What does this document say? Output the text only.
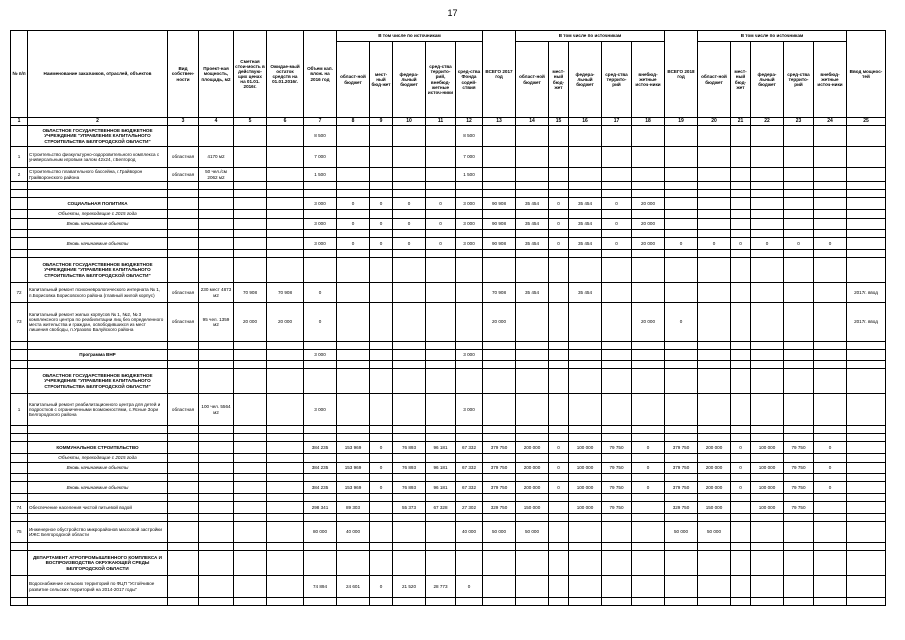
17
№ п/п	Наименование заказчиков, отраслей, объектов	Вид собствен-ности	Проект-ная мощность, площадь, м2	Сметная стои-мость в действую-щих ценах на 01.01. 2016г.	Ожидае-мый остаток средств на 01.01.2016г.	Объем кап. влож. на 2016 год	В том числе по источникам					ВСЕГО 2017 год	В том числе по источникам					ВСЕГО 2018 год	В том числе по источникам					Ввод мощнос-тей
							област-ной бюджет	мест-ный бюд-жет	федера-льный бюджет	сред-ства террито-рий, внебюд-жетные источ-ники	сред-ства Фонда содей-ствия		област-ной бюджет	мест-ный бюд-жет	федера-льный бюджет	сред-ства террито-рий	внебюд-жетные источ-ники		област-ной бюджет	мест-ный бюд-жет	федера-льный бюджет	сред-ства террито-рий	внебюд-жетные источ-ники	
1	2	3	4	5	6	7	8	9	10	11	12	13	14	15	16	17	18	19	20	21	22	23	24	25
	ОБЛАСТНОЕ ГОСУДАРСТВЕННОЕ БЮДЖЕТНОЕ УЧРЕЖДЕНИЕ "УПРАВЛЕНИЕ КАПИТАЛЬНОГО СТРОИТЕЛЬСТВА БЕЛГОРОДСКОЙ ОБЛАСТИ"					8 500					8 500													
1	Строительство физкультурно-оздоровительного комплекса с универсальным игровым залом 42х24, г.Белгород	областная	4170 м2			7 000					7 000													
2	Строительство плавательного бассейна, г.Грайворон Грайворонского района	областная	50 чел./см 2062 м2			1 500					1 500													

	СОЦИАЛЬНАЯ ПОЛИТИКА					3 000	0	0	0	0	3 000	90 908	35 454	0	35 454	0	20 000							
	Объекты, переходящие с 2015 года																							
	Вновь начинаемые объекты					3 000	0	0	0	0	3 000	90 908	35 454	0	35 454	0	20 000							

	Вновь начинаемые объекты					3 000	0	0	0	0	3 000	90 908	35 454	0	35 454	0	20 000	0	0	0	0	0	0	

	ОБЛАСТНОЕ ГОСУДАРСТВЕННОЕ БЮДЖЕТНОЕ УЧРЕЖДЕНИЕ "УПРАВЛЕНИЕ КАПИТАЛЬНОГО СТРОИТЕЛЬСТВА БЕЛГОРОДСКОЙ ОБЛАСТИ"																							
72	Капитальный ремонт психоневрологического интерната № 1, п.Борисовка Борисовского района (главный жилой корпус)	областная	230 мест 4873 м2	70 908	70 908	0						70 908	35 454		35 454									2017г. ввод
73	Капитальный ремонт жилых корпусов № 1, №2, № 3 комплексного центра по реабилитации лиц без определенного места жительства и граждан, освободившихся из мест лишения свободы, п.Уразово Валуйского района	областная	95 чел. 1359 м2	20 000	20 000	0						20 000					20 000	0						2017г. ввод

	Программа ВНР					3 000					3 000													

	ОБЛАСТНОЕ ГОСУДАРСТВЕННОЕ БЮДЖЕТНОЕ УЧРЕЖДЕНИЕ "УПРАВЛЕНИЕ КАПИТАЛЬНОГО СТРОИТЕЛЬСТВА БЕЛГОРОДСКОЙ ОБЛАСТИ"																							
1	Капитальный ремонт реабилитационного центра для детей и подростков с ограниченными возможностями, с.Ясные Зори Белгородского района	областная	100 чел. 5564 м2			3 000					3 000													

	КОММУНАЛЬНОЕ СТРОИТЕЛЬСТВО					384 235	153 969	0	76 893	96 181	67 332	379 750	200 000	0	100 000	79 750	0	379 750	200 000	0	100 000	79 750	0	
	Объекты, переходящие с 2015 года																							
	Вновь начинаемые объекты					384 235	153 969	0	76 893	96 181	67 332	379 750	200 000	0	100 000	79 750	0	379 750	200 000	0	100 000	79 750	0	

	Вновь начинаемые объекты					384 235	153 969	0	76 893	96 181	67 332	379 750	200 000	0	100 000	79 750	0	379 750	200 000	0	100 000	79 750	0	

74	Обеспечение населения чистой питьевой водой					298 341	89 303		55 373	67 328	27 302	329 750	150 000		100 000	79 750		329 750	150 000		100 000	79 750		

75	Инженерное обустройство микрорайонов массовой застройки ИЖС Белгородской области					80 000	40 000				40 000	50 000	50 000					50 000	50 000					

	ДЕПАРТАМЕНТ АГРОПРОМЫШЛЕННОГО КОМПЛЕКСА И ВОСПРОИЗВОДСТВА ОКРУЖАЮЩЕЙ СРЕДЫ БЕЛГОРОДСКОЙ ОБЛАСТИ																							
	Водоснабжение сельских территорий по ФЦП "Устойчивое развитие сельских территорий на 2014-2017 годы"					74 894	24 601	0	21 520	28 773	0													
